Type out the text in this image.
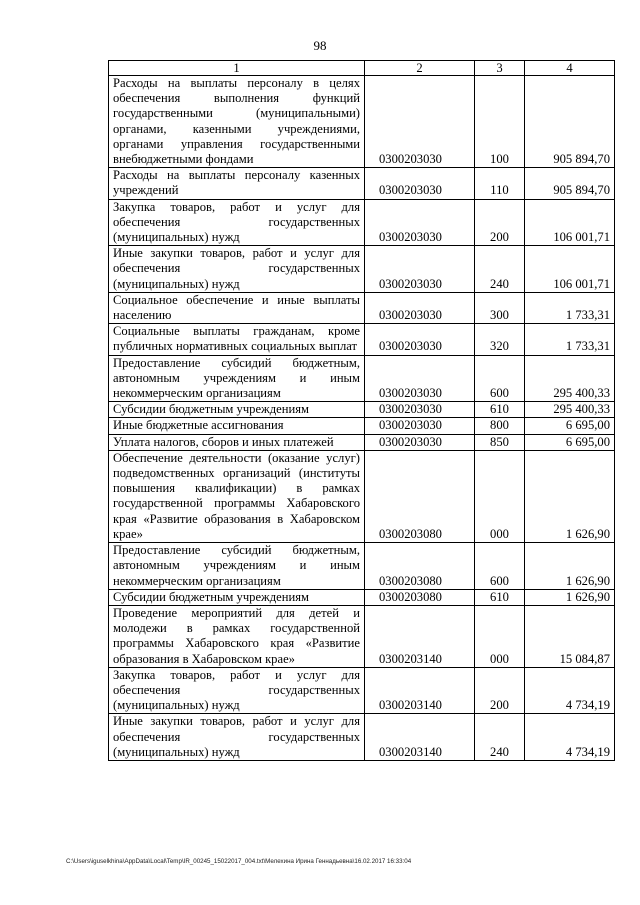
98
1	2	3	4
Расходы на выплаты персоналу в целях обеспечения выполнения функций государственными (муниципальными) органами, казенными учреждениями, органами управления государственными внебюджетными фондами	0300203030	100	905 894,70
Расходы на выплаты персоналу казенных учреждений	0300203030	110	905 894,70
Закупка товаров, работ и услуг для обеспечения государственных (муниципальных) нужд	0300203030	200	106 001,71
Иные закупки товаров, работ и услуг для обеспечения государственных (муниципальных) нужд	0300203030	240	106 001,71
Социальное обеспечение и иные выплаты населению	0300203030	300	1 733,31
Социальные выплаты гражданам, кроме публичных нормативных социальных выплат	0300203030	320	1 733,31
Предоставление субсидий бюджетным, автономным учреждениям и иным некоммерческим организациям	0300203030	600	295 400,33
Субсидии бюджетным учреждениям	0300203030	610	295 400,33
Иные бюджетные ассигнования	0300203030	800	6 695,00
Уплата налогов, сборов и иных платежей	0300203030	850	6 695,00
Обеспечение деятельности (оказание услуг) подведомственных организаций (институты повышения квалификации) в рамках государственной программы Хабаровского края «Развитие образования в Хабаровском крае»	0300203080	000	1 626,90
Предоставление субсидий бюджетным, автономным учреждениям и иным некоммерческим организациям	0300203080	600	1 626,90
Субсидии бюджетным учреждениям	0300203080	610	1 626,90
Проведение мероприятий для детей и молодежи в рамках государственной программы Хабаровского края «Развитие образования в Хабаровском крае»	0300203140	000	15 084,87
Закупка товаров, работ и услуг для обеспечения государственных (муниципальных) нужд	0300203140	200	4 734,19
Иные закупки товаров, работ и услуг для обеспечения государственных (муниципальных) нужд	0300203140	240	4 734,19
C:\Users\iguselkhina\AppData\Local\Temp\IR_00245_15022017_004.txt\Мелехина Ирина Геннадьевна\16.02.2017 16:33:04
